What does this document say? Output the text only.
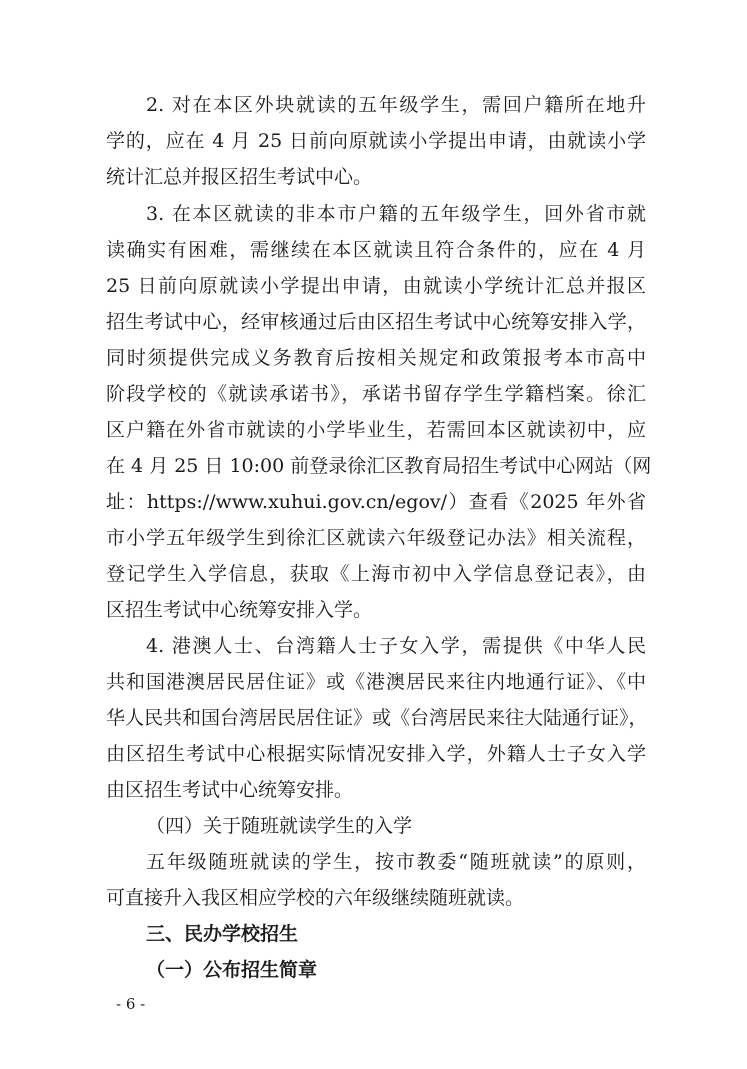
2. 对在本区外块就读的五年级学生，需回户籍所在地升
学的，应在 4 月 25 日前向原就读小学提出申请，由就读小学
统计汇总并报区招生考试中心。
3. 在本区就读的非本市户籍的五年级学生，回外省市就
读确实有困难，需继续在本区就读且符合条件的，应在 4 月
25 日前向原就读小学提出申请，由就读小学统计汇总并报区
招生考试中心，经审核通过后由区招生考试中心统筹安排入学，
同时须提供完成义务教育后按相关规定和政策报考本市高中
阶段学校的《就读承诺书》，承诺书留存学生学籍档案。徐汇
区户籍在外省市就读的小学毕业生，若需回本区就读初中，应
在 4 月 25 日 10:00 前登录徐汇区教育局招生考试中心网站（网
址：https://www.xuhui.gov.cn/egov/）查看《2025 年外省
市小学五年级学生到徐汇区就读六年级登记办法》相关流程，
登记学生入学信息，获取《上海市初中入学信息登记表》，由
区招生考试中心统筹安排入学。
4. 港澳人士、台湾籍人士子女入学，需提供《中华人民
共和国港澳居民居住证》或《港澳居民来往内地通行证》、《中
华人民共和国台湾居民居住证》或《台湾居民来往大陆通行证》，
由区招生考试中心根据实际情况安排入学，外籍人士子女入学
由区招生考试中心统筹安排。
（四）关于随班就读学生的入学
五年级随班就读的学生，按市教委“随班就读”的原则，
可直接升入我区相应学校的六年级继续随班就读。
三、民办学校招生
（一）公布招生简章
- 6 -
